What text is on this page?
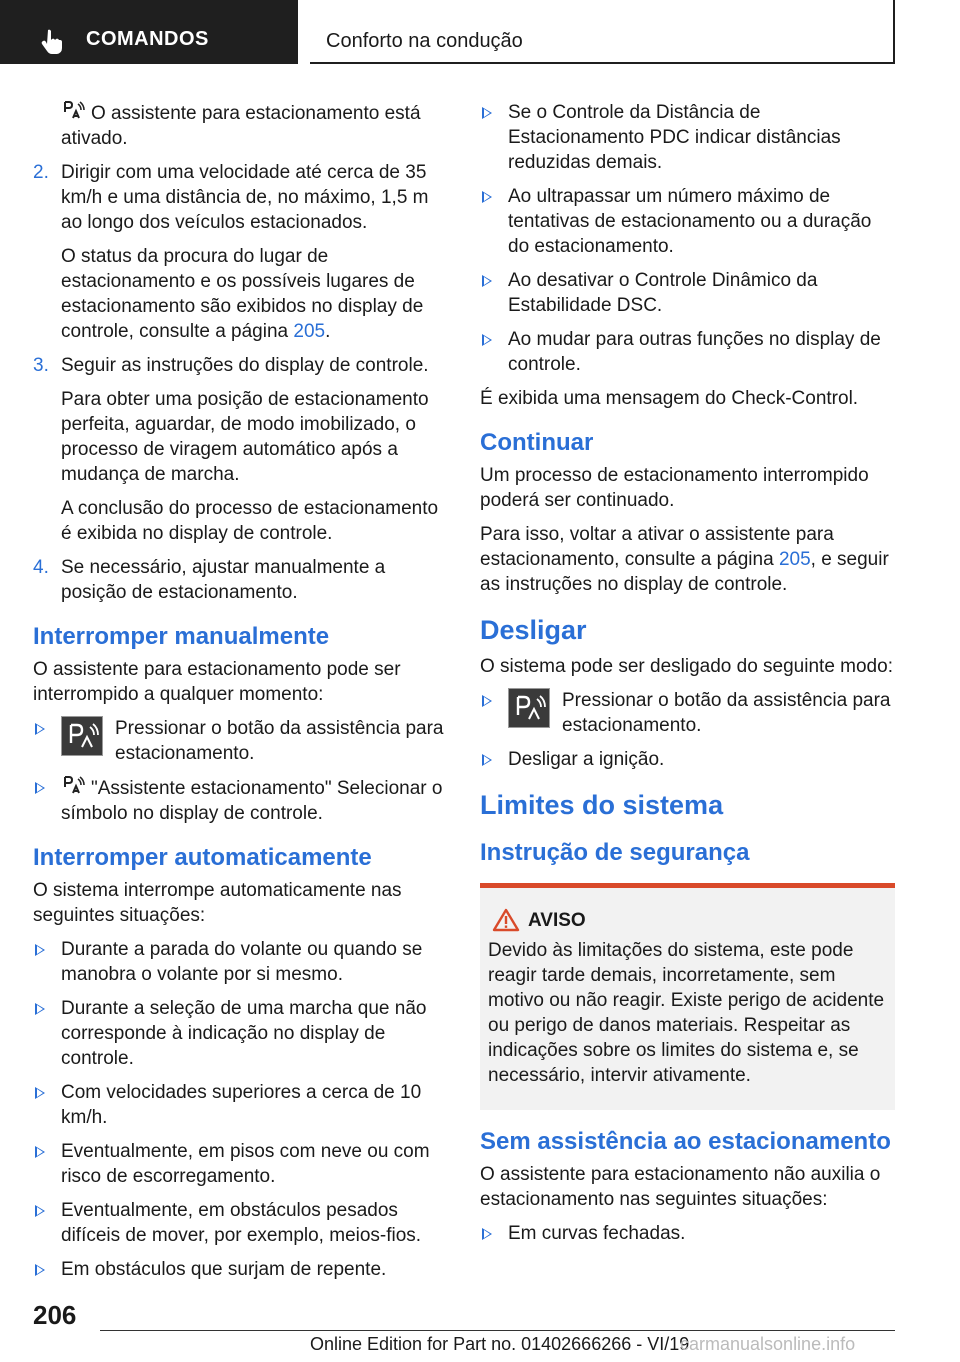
COMANDOS	Conforto na condução

O assistente para estacionamento está ativado.

2. Dirigir com uma velocidade até cerca de 35 km/h e uma distância de, no máximo, 1,5 m ao longo dos veículos estacionados.

O status da procura do lugar de estacionamento e os possíveis lugares de estacionamento são exibidos no display de controle, consulte a página 205.

3. Seguir as instruções do display de controle.

Para obter uma posição de estacionamento perfeita, aguardar, de modo imobilizado, o processo de viragem automático após a mudança de marcha.

A conclusão do processo de estacionamento é exibida no display de controle.

4. Se necessário, ajustar manualmente a posição de estacionamento.
Interromper manualmente

O assistente para estacionamento pode ser interrompido a qualquer momento:

Pressionar o botão da assistência para estacionamento.
"Assistente estacionamento" Selecionar o símbolo no display de controle.
Interromper automaticamente

O sistema interrompe automaticamente nas seguintes situações:

Durante a parada do volante ou quando se manobra o volante por si mesmo.
Durante a seleção de uma marcha que não corresponde à indicação no display de controle.
Com velocidades superiores a cerca de 10 km/h.
Eventualmente, em pisos com neve ou com risco de escorregamento.
Eventualmente, em obstáculos pesados difíceis de mover, por exemplo, meios-fios.
Em obstáculos que surjam de repente.
Se o Controle da Distância de Estacionamento PDC indicar distâncias reduzidas demais.
Ao ultrapassar um número máximo de tentativas de estacionamento ou a duração do estacionamento.
Ao desativar o Controle Dinâmico da Estabilidade DSC.
Ao mudar para outras funções no display de controle.

É exibida uma mensagem do Check-Control.

Continuar

Um processo de estacionamento interrompido poderá ser continuado.

Para isso, voltar a ativar o assistente para estacionamento, consulte a página 205, e seguir as instruções no display de controle.

Desligar

O sistema pode ser desligado do seguinte modo:

Pressionar o botão da assistência para estacionamento.
Desligar a ignição.
Limites do sistema
Instrução de segurança
AVISO

Devido às limitações do sistema, este pode reagir tarde demais, incorretamente, sem motivo ou não reagir. Existe perigo de acidente ou perigo de danos materiais. Respeitar as indicações sobre os limites do sistema e, se necessário, intervir ativamente.

Sem assistência ao estacionamento

O assistente para estacionamento não auxilia o estacionamento nas seguintes situações:

Em curvas fechadas.
206
Online Edition for Part no. 01402666266 - VI/19
carmanualsonline.info
